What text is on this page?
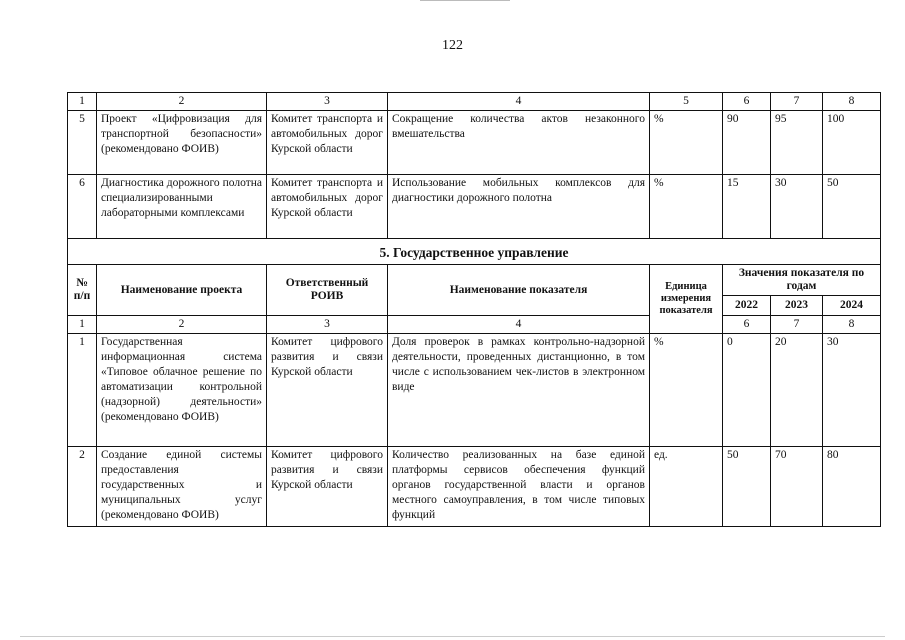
122
1	2	3	4	5	6	7	8
5	Проект «Цифровизация для транспортной безопасности» (рекомендовано ФОИВ)	Комитет транспорта и автомобильных дорог Курской области	Сокращение количества актов незаконного вмешательства	%	90	95	100
6	Диагностика дорожного полотна специализированными лабораторными комплексами	Комитет транспорта и автомобильных дорог Курской области	Использование мобильных комплексов для диагностики дорожного полотна	%	15	30	50
5. Государственное управление							
№ п/п	Наименование проекта	Ответственный РОИВ	Наименование показателя	Единица измерения показателя	Значения показателя по годам		
					2022	2023	2024
1	2	3	4		6	7	8
1	Государственная информационная система «Типовое облачное решение по автоматизации контрольной (надзорной) деятельности» (рекомендовано ФОИВ)	Комитет цифрового развития и связи Курской области	Доля проверок в рамках контрольно-надзорной деятельности, проведенных дистанционно, в том числе с использованием чек-листов в электронном виде	%	0	20	30
2	Создание единой системы предоставления государственных и муниципальных услуг (рекомендовано ФОИВ)	Комитет цифрового развития и связи Курской области	Количество реализованных на базе единой платформы сервисов обеспечения функций органов государственной власти и органов местного самоуправления, в том числе типовых функций	ед.	50	70	80
